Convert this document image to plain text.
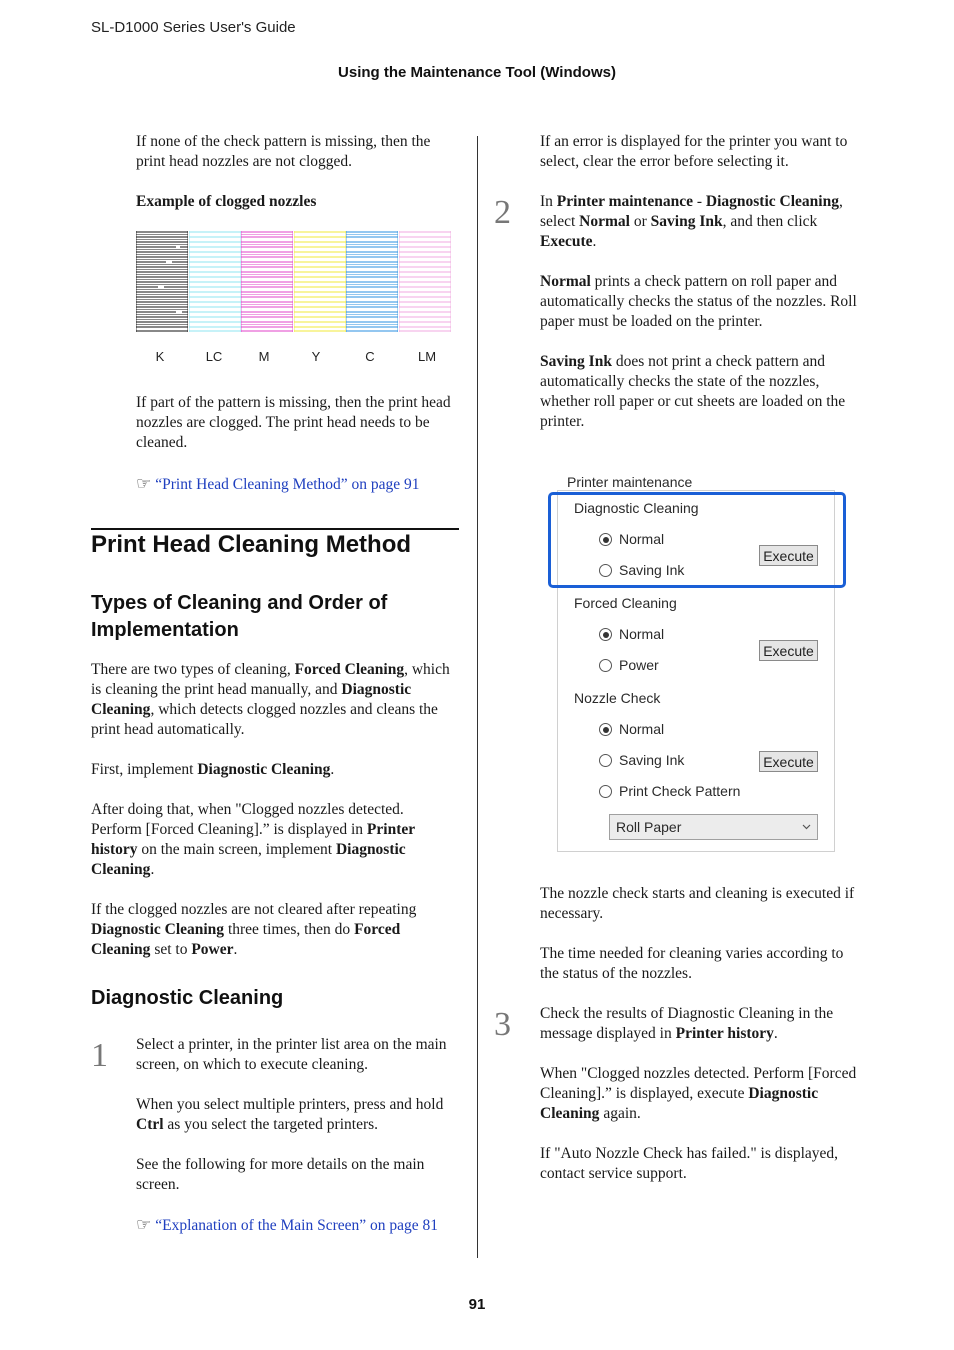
SL-D1000 Series User's Guide
Using the Maintenance Tool (Windows)

If none of the check pattern is missing, then the print head nozzles are not clogged.

Example of clogged nozzles

K	LC	M	Y	C	LM

If part of the pattern is missing, then the print head nozzles are clogged. The print head needs to be cleaned.

☞ “Print Head Cleaning Method” on page 91

Print Head Cleaning Method
Types of Cleaning and Order of Implementation

There are two types of cleaning, Forced Cleaning, which is cleaning the print head manually, and Diagnostic Cleaning, which detects clogged nozzles and cleans the print head automatically.

First, implement Diagnostic Cleaning.

After doing that, when "Clogged nozzles detected. Perform [Forced Cleaning].” is displayed in Printer history on the main screen, implement Diagnostic Cleaning.

If the clogged nozzles are not cleared after repeating Diagnostic Cleaning three times, then do Forced Cleaning set to Power.

Diagnostic Cleaning
1 Select a printer, in the printer list area on the main screen, on which to execute cleaning.

When you select multiple printers, press and hold Ctrl as you select the targeted printers.

See the following for more details on the main screen.

☞ “Explanation of the Main Screen” on page 81

If an error is displayed for the printer you want to select, clear the error before selecting it.

2 In Printer maintenance - Diagnostic Cleaning, select Normal or Saving Ink, and then click Execute.

Normal prints a check pattern on roll paper and automatically checks the status of the nozzles. Roll paper must be loaded on the printer.

Saving Ink does not print a check pattern and automatically checks the state of the nozzles, whether roll paper or cut sheets are loaded on the printer.

Printer maintenance
Diagnostic Cleaning
Normal
Saving Ink
Execute
Forced Cleaning
Normal
Power
Execute
Nozzle Check
Normal
Saving Ink	Execute
Print Check Pattern
Roll Paper

The nozzle check starts and cleaning is executed if necessary.

The time needed for cleaning varies according to the status of the nozzles.

3 Check the results of Diagnostic Cleaning in the message displayed in Printer history.

When "Clogged nozzles detected. Perform [Forced Cleaning].” is displayed, execute Diagnostic Cleaning again.

If "Auto Nozzle Check has failed." is displayed, contact service support.

91
